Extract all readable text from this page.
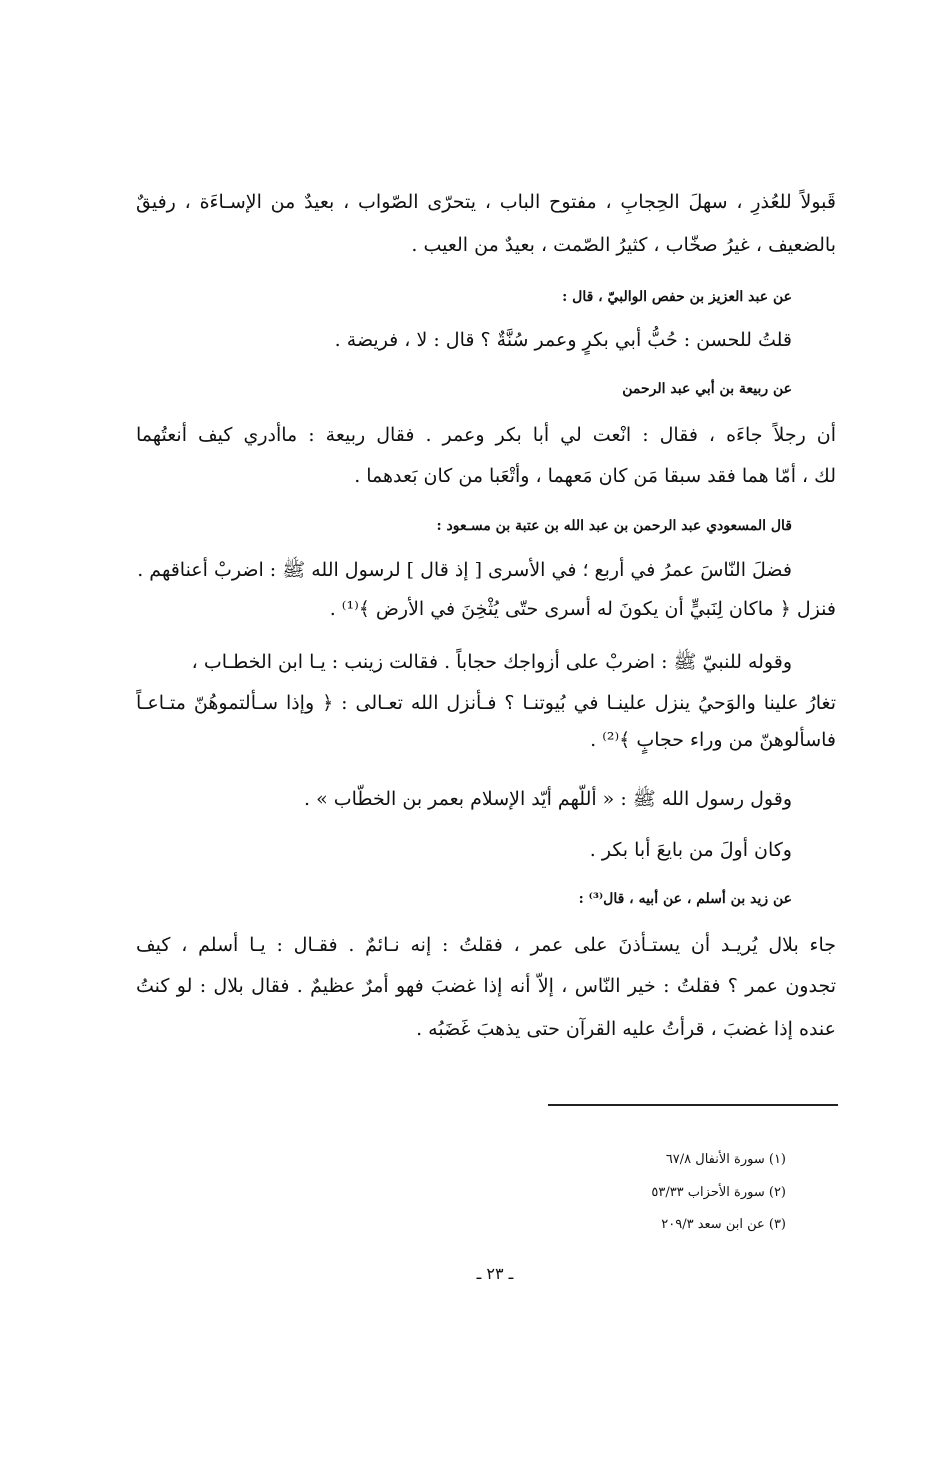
قَبولاً للعُذرِ ، سهلَ الحِجابِ ، مفتوح الباب ، يتحرّى الصّواب ، بعيدٌ من الإسـاءَة ، رفيقٌ
بالضعيف ، غيرُ صخّاب ، كثيرُ الصّمت ، بعيدٌ من العيب .
عن عبد العزيز بن حفص الوالبيّ ، قال :
قلتُ للحسن : حُبُّ أبي بكرٍ وعمر سُنَّةٌ ؟ قال : لا ، فريضة .
عن ربيعة بن أبي عبد الرحمن
أن رجلاً جاءَه ، فقال : انْعت لي أبا بكر وعمر . فقال ربيعة : ماأدري كيف أنعتُهما
لك ، أمّا هما فقد سبقا مَن كان مَعهما ، وأتْعَبا من كان بَعدهما .
قال المسعودي عبد الرحمن بن عبد الله بن عتبة بن مسـعود :
فضلَ النّاسَ عمرُ في أربع ؛ في الأسرى [ إذ قال ] لرسول الله ﷺ : اضربْ أعناقهم .
فنزل ﴿ ماكان لِنَبيٍّ أن يكونَ له أسرى حتّى يُثْخِنَ في الأرض ﴾⁽¹⁾ .
وقوله للنبيّ ﷺ : اضربْ على أزواجك حجاباً . فقالت زينب : يـا ابن الخطـاب ،
تغارُ علينا والوَحيُ ينزل علينـا في بُيوتنـا ؟ فـأنزل الله تعـالى : ﴿ وإذا سـألتموهُنّ متـاعـاً
فاسألوهنّ من وراء حجابٍ ﴾⁽²⁾ .
وقول رسول الله ﷺ : « أللّهم أيّد الإسلام بعمر بن الخطّاب » .
وكان أولَ من بايعَ أبا بكر .
عن زيد بن أسلم ، عن أبيه ، قال⁽³⁾ :
جاء بلال يُريـد أن يستـأذنَ على عمر ، فقلتُ : إنه نـائمٌ . فقـال : يـا أسلم ، كيف
تجدون عمر ؟ فقلتُ : خير النّاس ، إلاّ أنه إذا غضبَ فهو أمرٌ عظيمٌ . فقال بلال : لو كنتُ
عنده إذا غضبَ ، قرأتُ عليه القرآن حتى يذهبَ غَضَبُه .
(١) سورة الأنفال ٦٧/٨
(٢) سورة الأحزاب ٥٣/٣٣
(٣) عن ابن سعد ٢٠٩/٣
ـ ٢٣ ـ
